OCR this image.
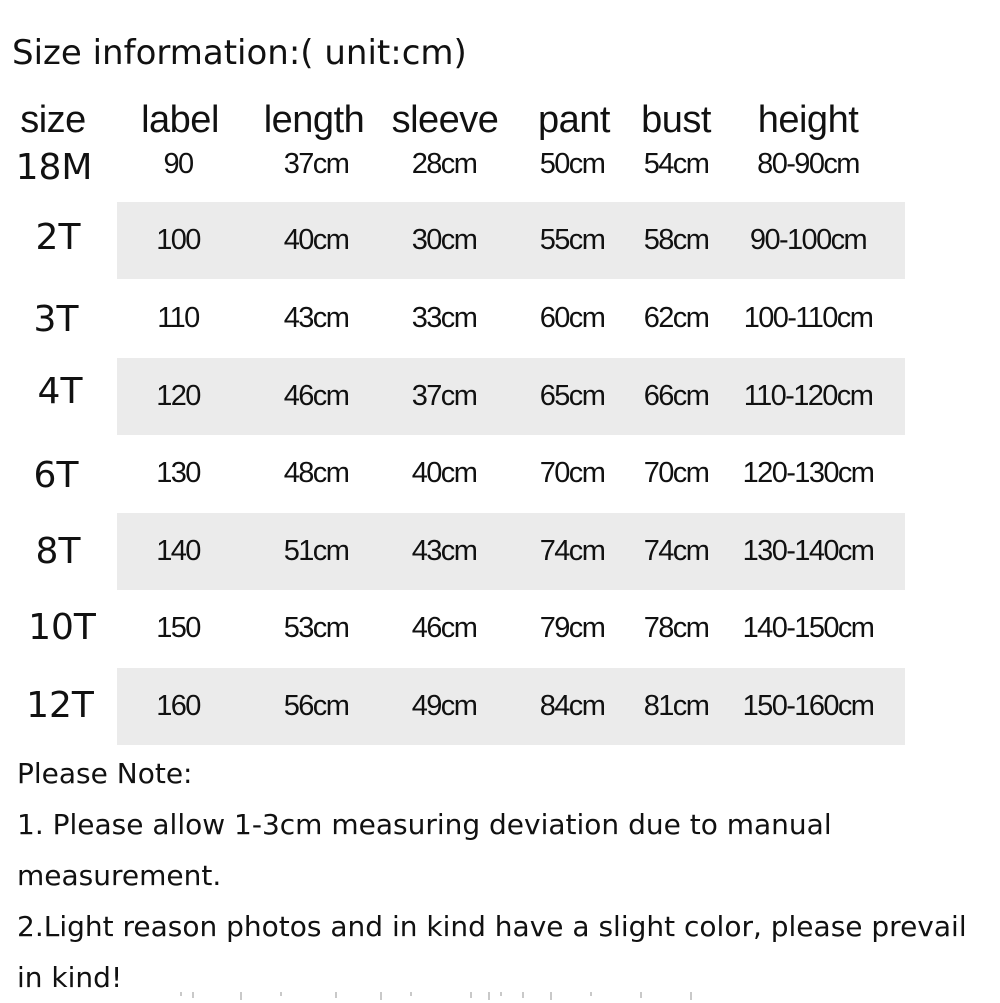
Size information:( unit:cm)
size label length sleeve pant bust height
18M 90	37cm 28cm 50cm 54cm 80-90cm
2T	100	40cm 30cm 55cm 58cm 90-100cm
3T	110	43cm 33cm 60cm 62cm 100-110cm
4T	120	46cm 37cm 65cm 66cm 110-120cm
6T	130	48cm 40cm 70cm 70cm 120-130cm
8T	140	51cm 43cm 74cm 74cm 130-140cm
10T 150	53cm 46cm 79cm 78cm 140-150cm
12T 160	56cm 49cm 84cm 81cm 150-160cm
Please Note:
1. Please allow 1-3cm measuring deviation due to manual
measurement.
2.Light reason photos and in kind have a slight color, please prevail
in kind!
